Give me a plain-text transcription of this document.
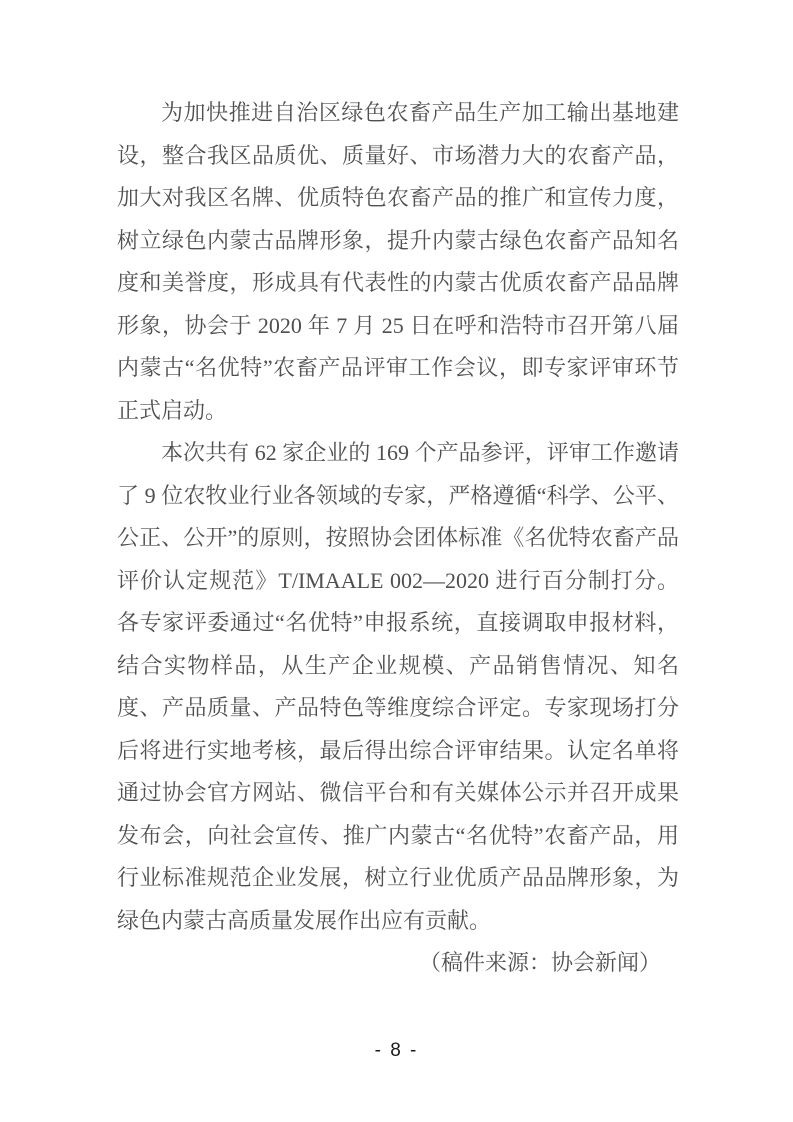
为加快推进自治区绿色农畜产品生产加工输出基地建设，整合我区品质优、质量好、市场潜力大的农畜产品，加大对我区名牌、优质特色农畜产品的推广和宣传力度，树立绿色内蒙古品牌形象，提升内蒙古绿色农畜产品知名度和美誉度，形成具有代表性的内蒙古优质农畜产品品牌形象，协会于 2020 年 7 月 25 日在呼和浩特市召开第八届内蒙古“名优特”农畜产品评审工作会议，即专家评审环节正式启动。

本次共有 62 家企业的 169 个产品参评，评审工作邀请了 9 位农牧业行业各领域的专家，严格遵循“科学、公平、公正、公开”的原则，按照协会团体标准《名优特农畜产品评价认定规范》T/IMAALE 002—2020 进行百分制打分。各专家评委通过“名优特”申报系统，直接调取申报材料，结合实物样品，从生产企业规模、产品销售情况、知名度、产品质量、产品特色等维度综合评定。专家现场打分后将进行实地考核，最后得出综合评审结果。认定名单将通过协会官方网站、微信平台和有关媒体公示并召开成果发布会，向社会宣传、推广内蒙古“名优特”农畜产品，用行业标准规范企业发展，树立行业优质产品品牌形象，为绿色内蒙古高质量发展作出应有贡献。

（稿件来源：协会新闻）

- 8 -
